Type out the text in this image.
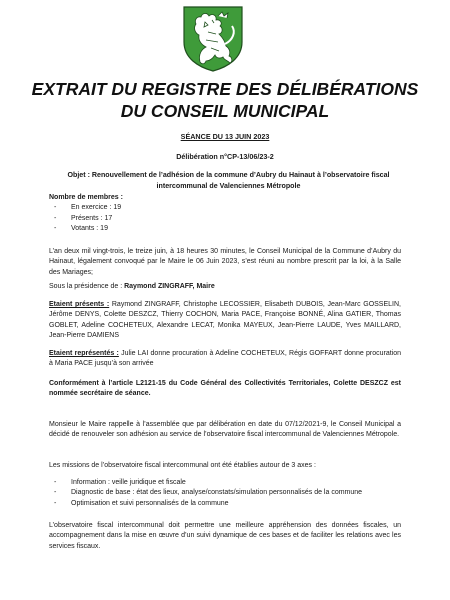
EXTRAIT DU REGISTRE DES DÉLIBÉRATIONS
DU CONSEIL MUNICIPAL
SÉANCE DU 13 JUIN 2023
Délibération n°CP-13/06/23-2
Objet : Renouvellement de l’adhésion de la commune d’Aubry du Hainaut à l’observatoire fiscal
intercommunal de Valenciennes Métropole

Nombre de membres :

- En exercice : 19
- Présents : 17
- Votants : 19
L’an deux mil vingt-trois, le treize juin, à 18 heures 30 minutes, le Conseil Municipal de la Commune d’Aubry du Hainaut, légalement convoqué par le Maire le 06 Juin 2023, s’est réuni au nombre prescrit par la loi, à la Salle des Mariages;
Sous la présidence de : Raymond ZINGRAFF, Maire
Etaient présents : Raymond ZINGRAFF, Christophe LECOSSIER, Elisabeth DUBOIS, Jean-Marc GOSSELIN, Jérôme DENYS, Colette DESZCZ, Thierry COCHON, Maria PACE, Françoise BONNÉ, Alina GATIER, Thomas GOBLET, Adeline COCHETEUX, Alexandre LECAT, Monika MAYEUX, Jean-Pierre LAUDE, Yves MAILLARD, Jean-Pierre DAMIENS
Etaient représentés : Julie LAI donne procuration à Adeline COCHETEUX, Régis GOFFART donne procuration à Maria PACE jusqu’à son arrivée
Conformément à l’article L2121-15 du Code Général des Collectivités Territoriales, Colette DESZCZ est nommée secrétaire de séance.
Monsieur le Maire rappelle à l’assemblée que par délibération en date du 07/12/2021-9, le Conseil Municipal a décidé de renouveler son adhésion au service de l’observatoire fiscal intercommunal de Valenciennes Métropole.
Les missions de l’observatoire fiscal intercommunal ont été établies autour de 3 axes :
- Information : veille juridique et fiscale
- Diagnostic de base : état des lieux, analyse/constats/simulation personnalisés de la commune
- Optimisation et suivi personnalisés de la commune
L’observatoire fiscal intercommunal doit permettre une meilleure appréhension des données fiscales, un accompagnement dans la mise en œuvre d’un suivi dynamique de ces bases et de faciliter les relations avec les services fiscaux.
